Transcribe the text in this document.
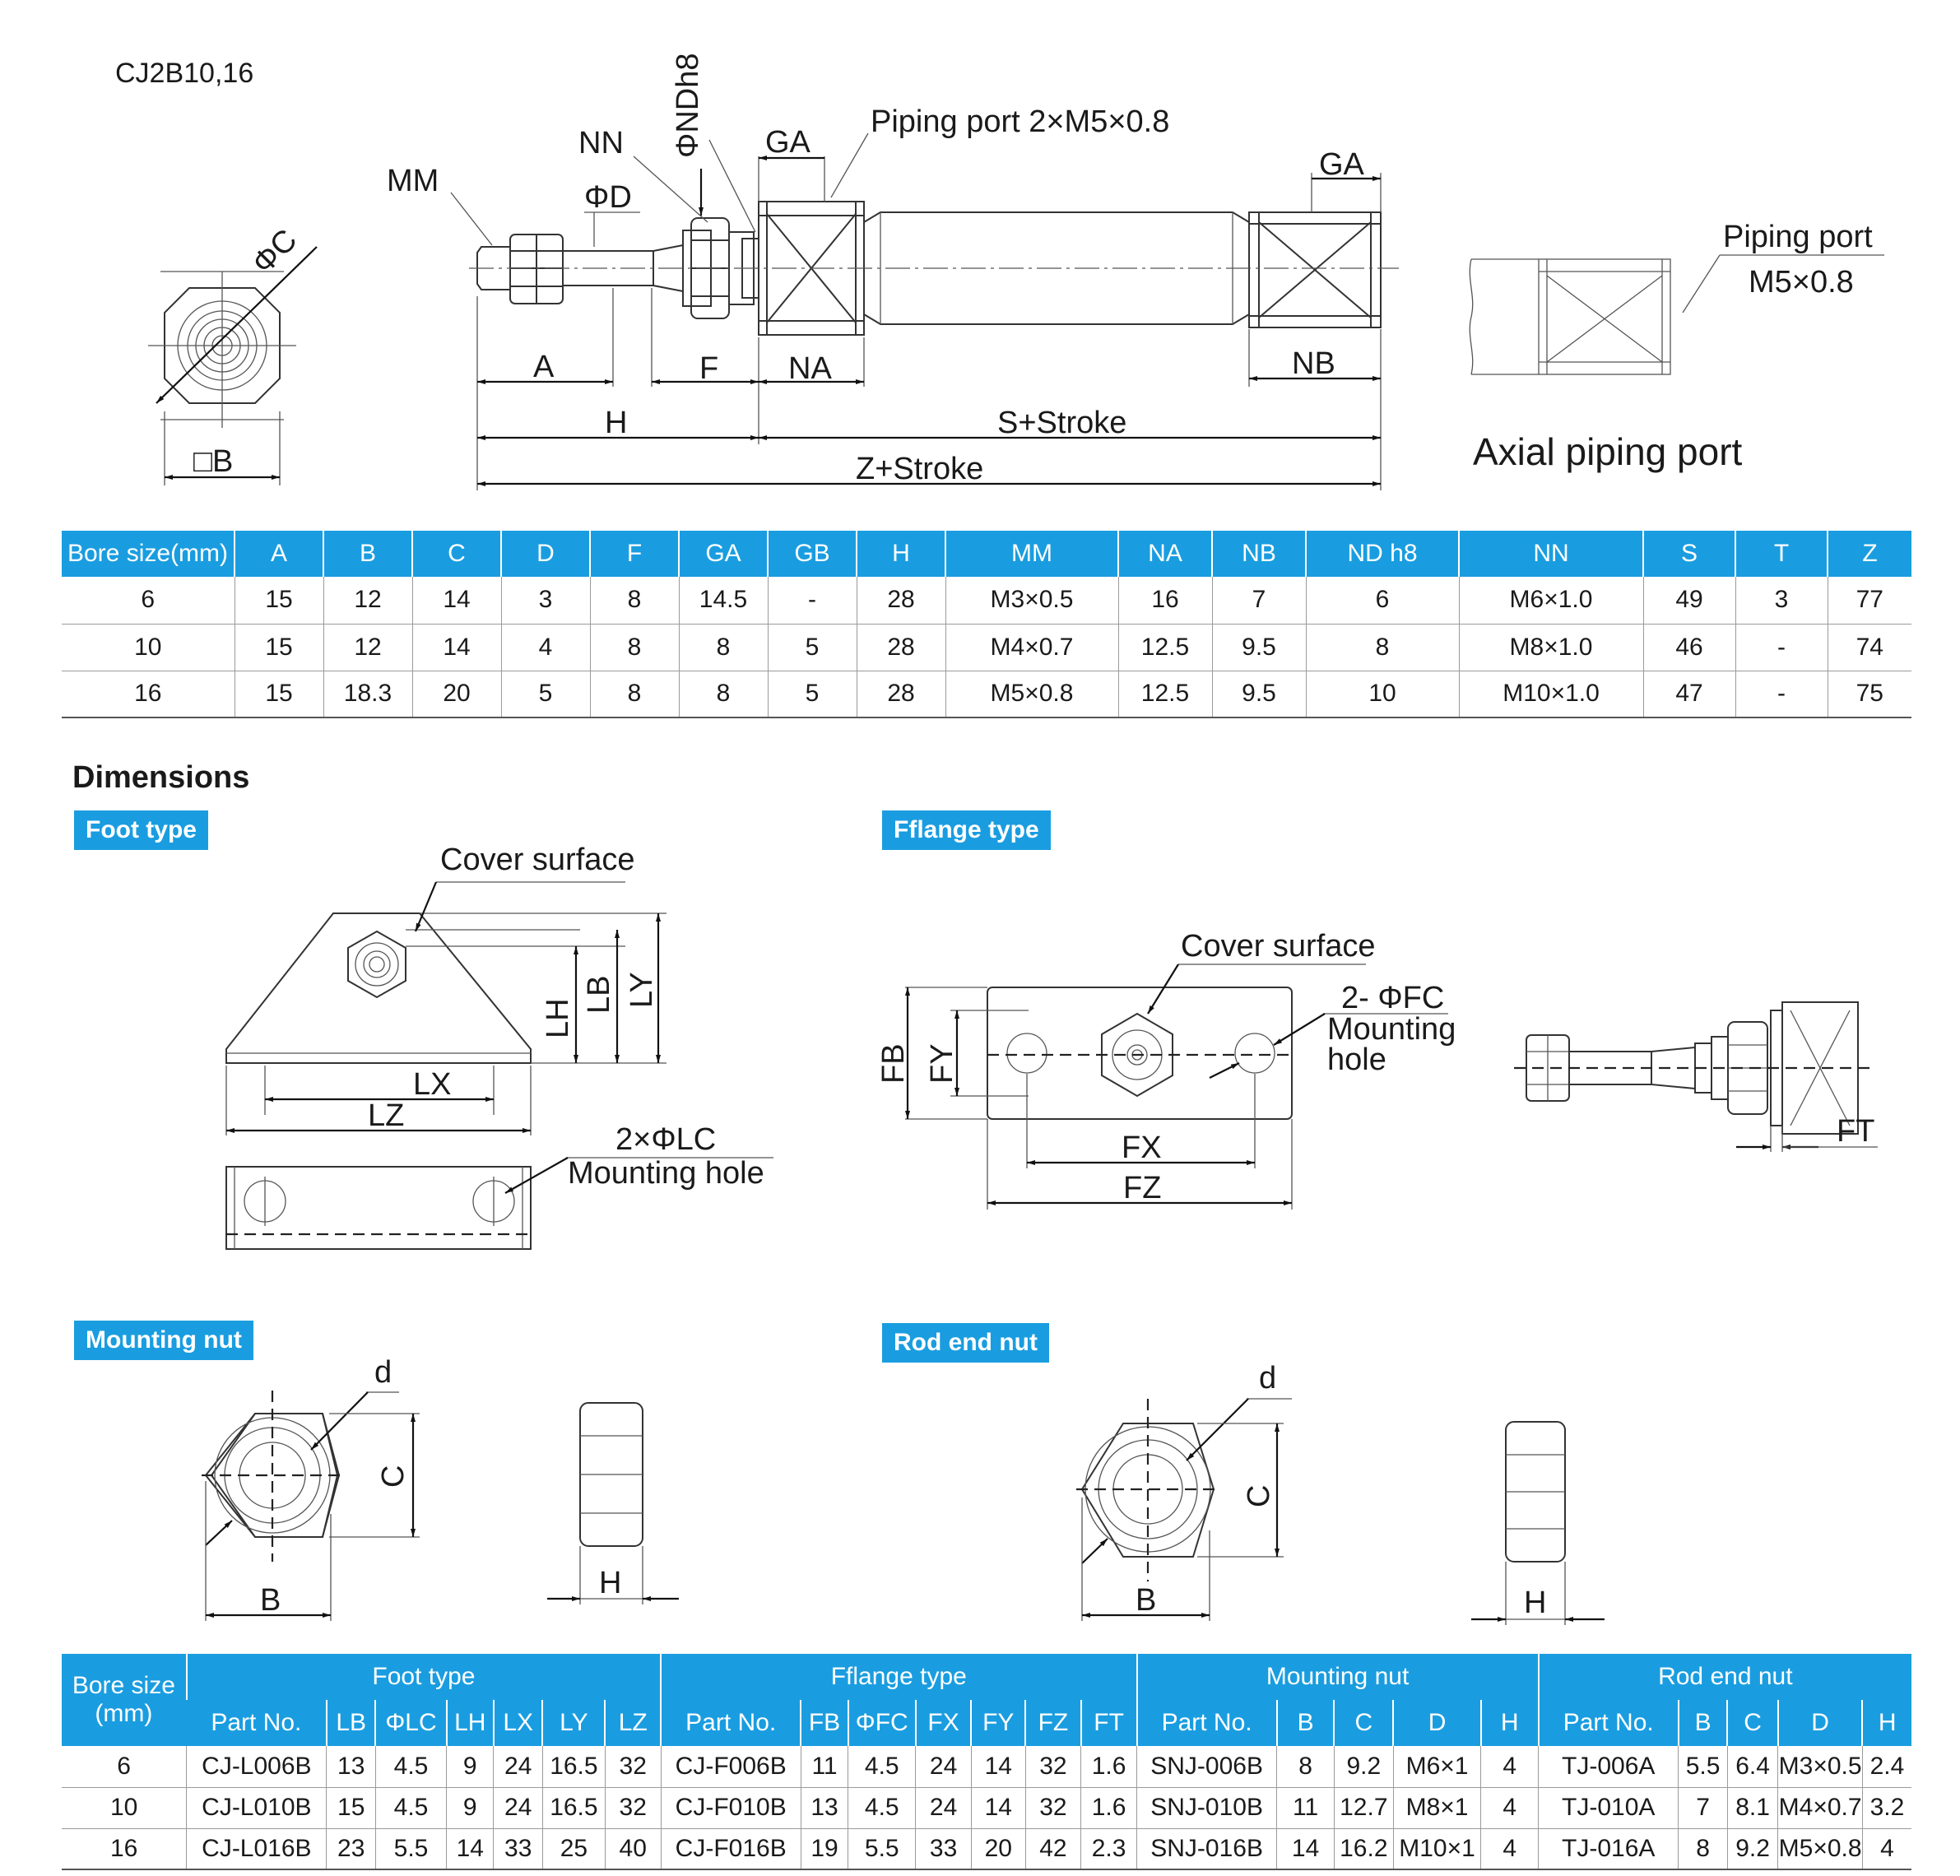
CJ2B10,16
Axial piping port
ΦC
□B
MM
NN
ΦD
ΦNDh8 GA
Piping port 2×M5×0.8
GA
A	F NA	NB
H	S+Stroke
Z+Stroke
Piping port
M5×0.8
Bore size(mm)	A	B	C	D	F	GA	GB	H	MM	NA	NB	ND h8	NN	S	T	Z
6	15	12	14	3	8	14.5	-	28	M3×0.5	16	7	6	M6×1.0	49	3	77
10	15	12	14	4	8	8	5	28	M4×0.7	12.5	9.5	8	M8×1.0	46	-	74
16	15	18.3	20	5	8	8	5	28	M5×0.8	12.5	9.5	10	M10×1.0	47	-	75
Dimensions
Foot type	Fflange type
Mounting nut	Rod end nut
LH
LB LY
Cover surface
LX
LZ
2×ΦLC
Mounting hole
Cover surface
2- ΦFC
Mounting
hole
FB FY
FX
FZ
FT
d
C
B	H
d
C
B	H
Bore size
(mm)	Foot type							Fflange type							Mounting nut					Rod end nut				
	Part No.	LB	ΦLC	LH	LX	LY	LZ	Part No.	FB	ΦFC	FX	FY	FZ	FT	Part No.	B	C	D	H	Part No.	B	C	D	H
6	CJ-L006B	13	4.5	9	24	16.5	32	CJ-F006B	11	4.5	24	14	32	1.6	SNJ-006B	8	9.2	M6×1	4	TJ-006A	5.5	6.4	M3×0.5	2.4
10	CJ-L010B	15	4.5	9	24	16.5	32	CJ-F010B	13	4.5	24	14	32	1.6	SNJ-010B	11	12.7	M8×1	4	TJ-010A	7	8.1	M4×0.7	3.2
16	CJ-L016B	23	5.5	14	33	25	40	CJ-F016B	19	5.5	33	20	42	2.3	SNJ-016B	14	16.2	M10×1	4	TJ-016A	8	9.2	M5×0.8	4
